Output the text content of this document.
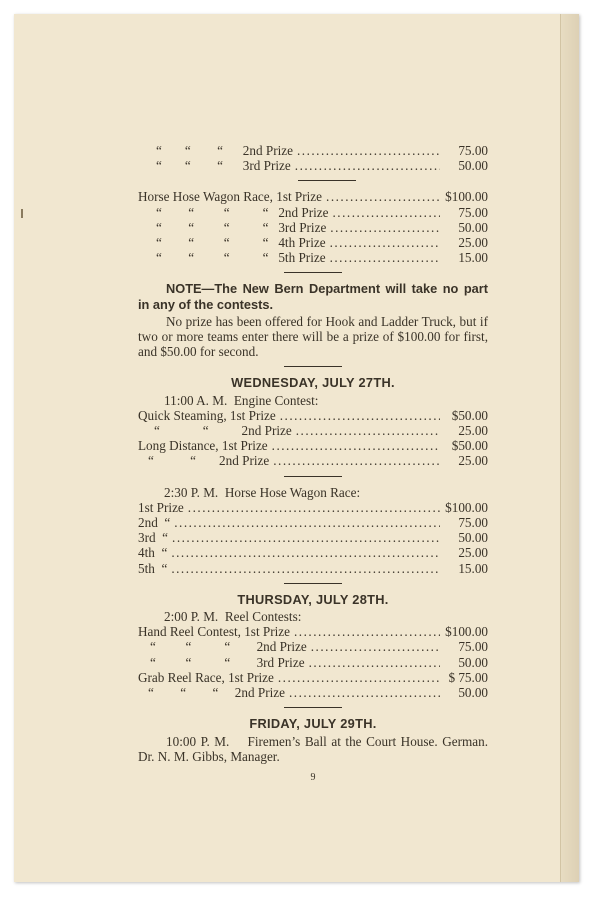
“       “        “      2nd Prize .....	75.00
“       “        “      3rd Prize .....	50.00
Horse Hose Wagon Race, 1st Prize .....	$100.00
“        “         “          “   2nd Prize .....	75.00
“        “         “          “   3rd Prize .....	50.00
“        “         “          “   4th Prize .....	25.00
“        “         “          “   5th Prize .....	15.00

NOTE—The New Bern Department will take no part in any of the contests.

No prize has been offered for Hook and Ladder Truck, but if two or more teams enter there will be a prize of $100.00 for first, and $50.00 for second.

WEDNESDAY, JULY 27TH.
11:00 A. M.  Engine Contest:
Quick Steaming, 1st Prize .....	$50.00
“             “          2nd Prize .....	25.00
Long Distance, 1st Prize .....	$50.00
“           “       2nd Prize .....	25.00
2:30 P. M.  Horse Hose Wagon Race:
1st Prize .....	$100.00
2nd  “ .....	75.00
3rd  “ .....	50.00
4th  “ .....	25.00
5th  “ .....	15.00
THURSDAY, JULY 28TH.
2:00 P. M.  Reel Contests:
Hand Reel Contest, 1st Prize .....	$100.00
“         “          “        2nd Prize .....	75.00
“         “          “        3rd Prize .....	50.00
Grab Reel Race, 1st Prize .....	$ 75.00
“        “        “     2nd Prize .....	50.00
FRIDAY, JULY 29TH.

10:00 P. M.    Firemen’s Ball at the Court House. German.  Dr. N. M. Gibbs, Manager.

9
